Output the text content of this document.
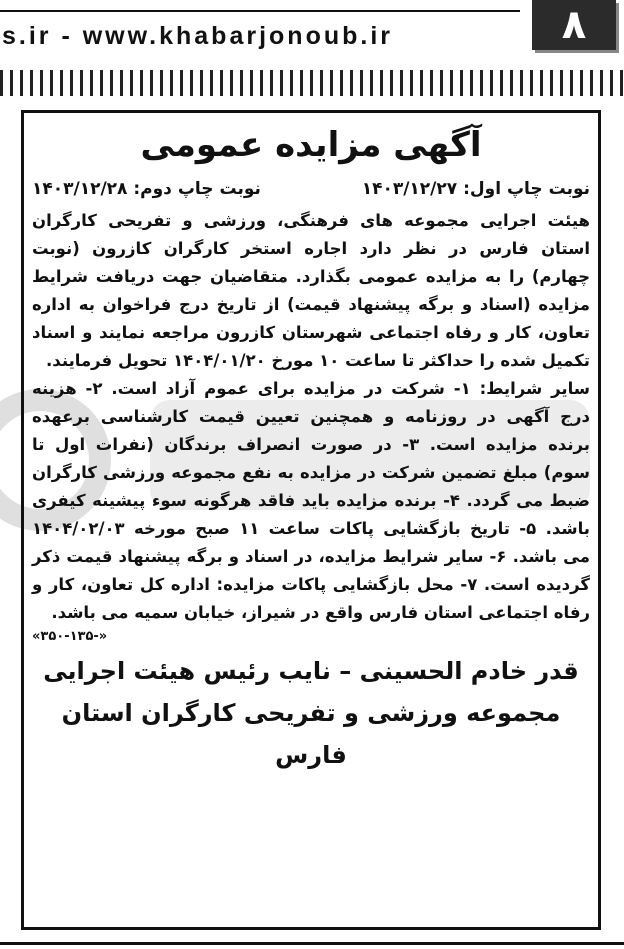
s.ir - www.khabarjonoub.ir	۸
آگهی مزایده عمومی
نوبت چاپ اول: ۱۴۰۳/۱۲/۲۷
نوبت چاپ دوم: ۱۴۰۳/۱۲/۲۸

هیئت اجرایی مجموعه های فرهنگی، ورزشی و تفریحی کارگران استان فارس در نظر دارد اجاره استخر کارگران کازرون (نوبت چهارم) را به مزایده عمومی بگذارد. متقاضیان جهت دریافت شرایط مزایده (اسناد و برگه پیشنهاد قیمت) از تاریخ درج فراخوان به اداره تعاون، کار و رفاه اجتماعی شهرستان کازرون مراجعه نمایند و اسناد تکمیل شده را حداکثر تا ساعت ۱۰ مورخ ۱۴۰۴/۰۱/۲۰ تحویل فرمایند.

سایر شرایط: ۱- شرکت در مزایده برای عموم آزاد است. ۲- هزینه درج آگهی در روزنامه و همچنین تعیین قیمت کارشناسی برعهده برنده مزایده است. ۳- در صورت انصراف برندگان (نفرات اول تا سوم) مبلغ تضمین شرکت در مزایده به نفع مجموعه ورزشی کارگران ضبط می گردد. ۴- برنده مزایده باید فاقد هرگونه سوء پیشینه کیفری باشد. ۵- تاریخ بازگشایی پاکات ساعت ۱۱ صبح مورخه ۱۴۰۴/۰۲/۰۳ می باشد. ۶- سایر شرایط مزایده، در اسناد و برگه پیشنهاد قیمت ذکر گردیده است. ۷- محل بازگشایی پاکات مزایده: اداره کل تعاون، کار و رفاه اجتماعی استان فارس واقع در شیراز، خیابان سمیه می باشد.

«۳۵۰-۱۳۵-»
قدر خادم الحسینی – نایب رئیس هیئت اجرایی
مجموعه ورزشی و تفریحی کارگران استان فارس
